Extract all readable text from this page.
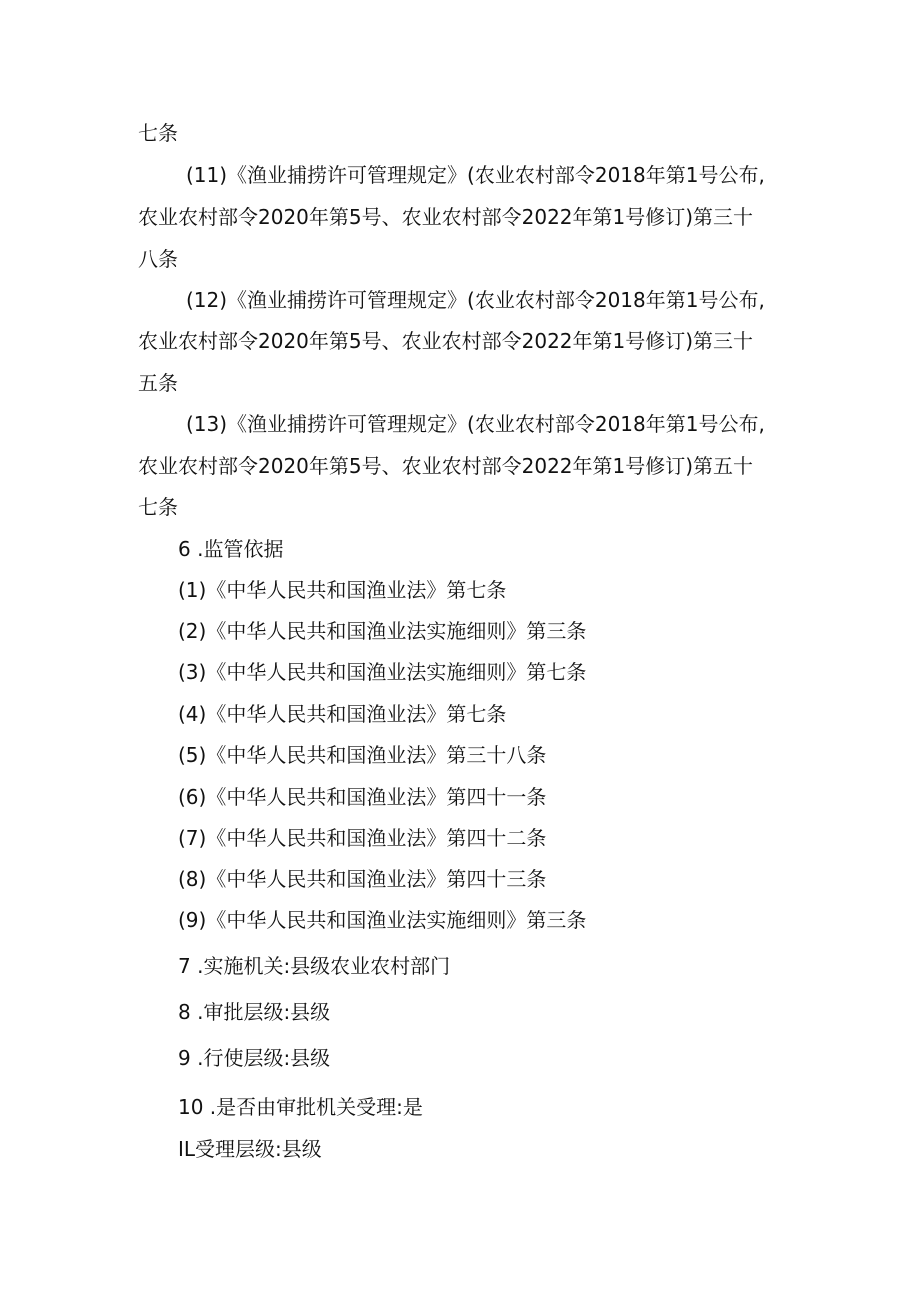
七条
(11)《渔业捕捞许可管理规定》(农业农村部令2018年第1号公布,
农业农村部令2020年第5号、农业农村部令2022年第1号修订)第三十
八条
(12)《渔业捕捞许可管理规定》(农业农村部令2018年第1号公布,
农业农村部令2020年第5号、农业农村部令2022年第1号修订)第三十
五条
(13)《渔业捕捞许可管理规定》(农业农村部令2018年第1号公布,
农业农村部令2020年第5号、农业农村部令2022年第1号修订)第五十
七条
6 .监管依据
(1)《中华人民共和国渔业法》第七条
(2)《中华人民共和国渔业法实施细则》第三条
(3)《中华人民共和国渔业法实施细则》第七条
(4)《中华人民共和国渔业法》第七条
(5)《中华人民共和国渔业法》第三十八条
(6)《中华人民共和国渔业法》第四十一条
(7)《中华人民共和国渔业法》第四十二条
(8)《中华人民共和国渔业法》第四十三条
(9)《中华人民共和国渔业法实施细则》第三条
7 .实施机关:县级农业农村部门
8 .审批层级:县级
9 .行使层级:县级
10 .是否由审批机关受理:是
IL受理层级:县级
